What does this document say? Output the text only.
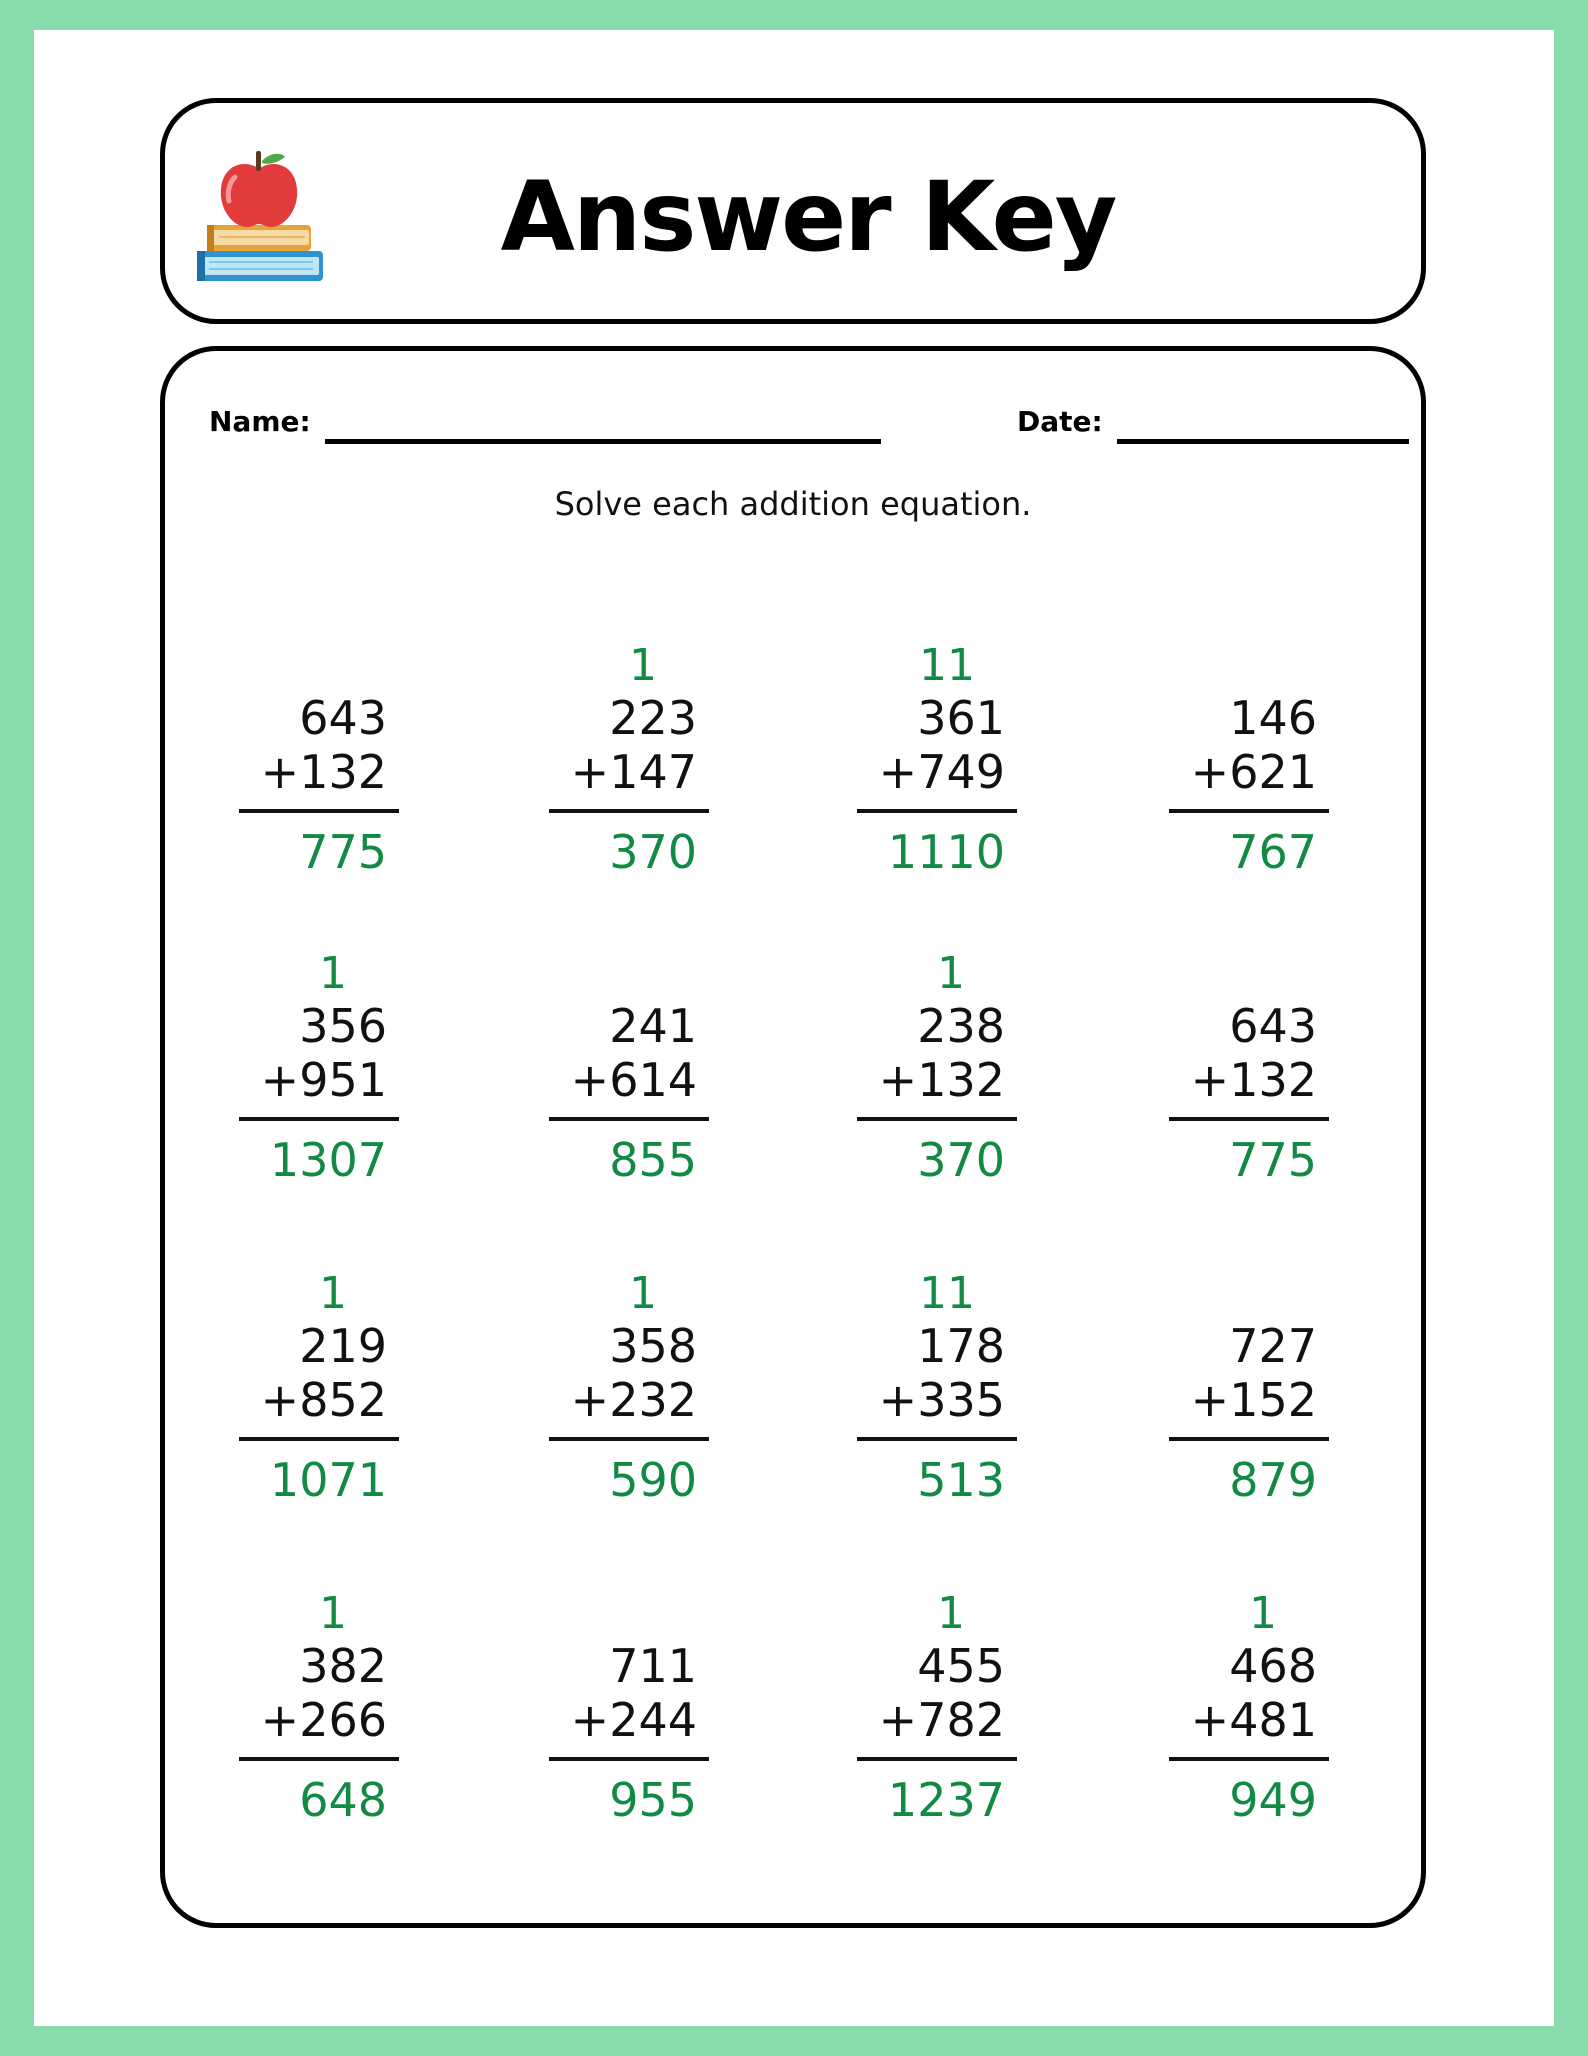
Answer Key
Name:	Date:
Solve each addition equation.
643
+132
775
1
223
+147
370
11
361
+749
1110
146
+621
767
1
356
+951
1307
241
+614
855
1
238
+132
370
643
+132
775
1
219
+852
1071
1
358
+232
590
11
178
+335
513
727
+152
879
1
382
+266
648
711
+244
955
1
455
+782
1237
1
468
+481
949
